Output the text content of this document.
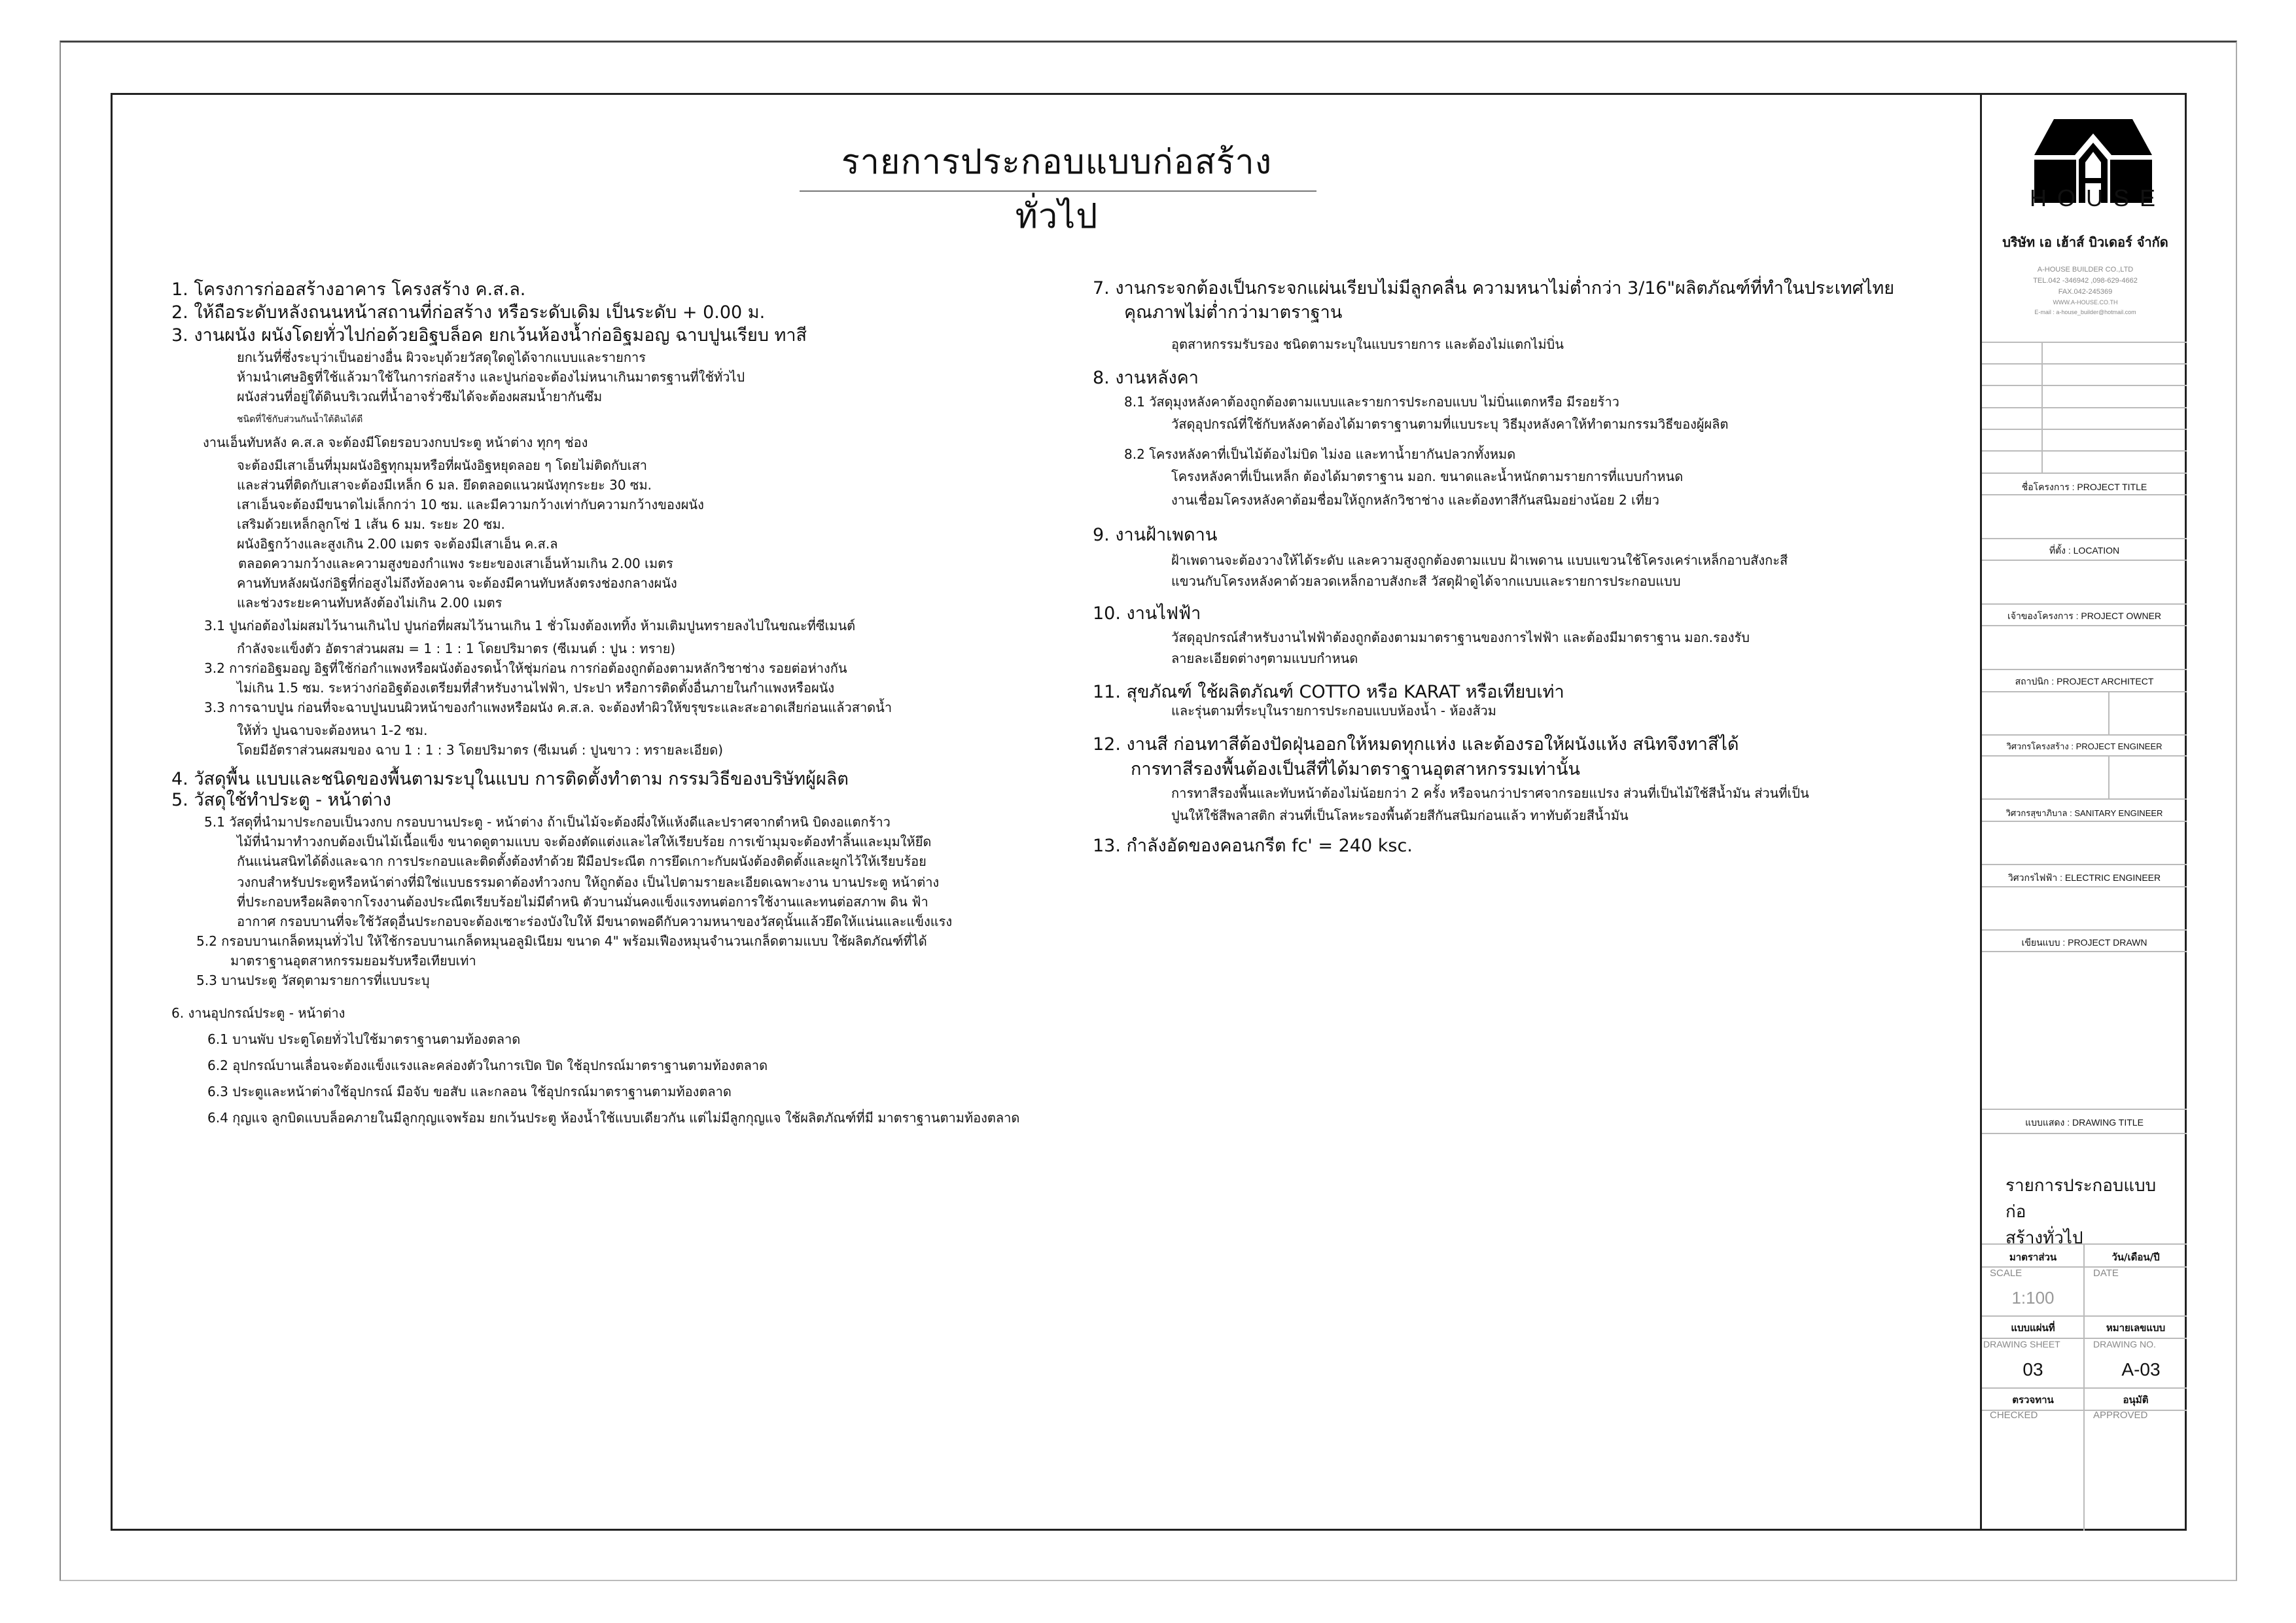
รายการประกอบแบบก่อสร้างทั่วไป
1. โครงการก่ออสร้างอาคาร โครงสร้าง ค.ส.ล.
2. ให้ถือระดับหลังถนนหน้าสถานที่ก่อสร้าง หรือระดับเดิม เป็นระดับ + 0.00 ม.
3. งานผนัง ผนังโดยทั่วไปก่อด้วยอิฐบล็อค ยกเว้นห้องน้ำก่ออิฐมอญ ฉาบปูนเรียบ ทาสี
ยกเว้นที่ซึ่งระบุว่าเป็นอย่างอื่น ผิวจะบุด้วยวัสดุใดดูได้จากแบบและรายการ
ห้ามนำเศษอิฐที่ใช้แล้วมาใช้ในการก่อสร้าง และปูนก่อจะต้องไม่หนาเกินมาตรฐานที่ใช้ทั่วไป
ผนังส่วนที่อยู่ใต้ดินบริเวณที่น้ำอาจรั่วซึมได้จะต้องผสมน้ำยากันซึม
ชนิดที่ใช้กับส่วนกันน้ำใต้ดินได้ดี
งานเอ็นทับหลัง ค.ส.ล จะต้องมีโดยรอบวงกบประตู หน้าต่าง ทุกๆ ช่อง
จะต้องมีเสาเอ็นที่มุมผนังอิฐทุกมุมหรือที่ผนังอิฐหยุดลอย ๆ โดยไม่ติดกับเสา
และส่วนที่ติดกับเสาจะต้องมีเหล็ก 6 มล. ยึดตลอดแนวผนังทุกระยะ 30 ซม.
เสาเอ็นจะต้องมีขนาดไม่เล็กกว่า 10 ซม. และมีความกว้างเท่ากับความกว้างของผนัง
เสริมด้วยเหล็กลูกโซ่ 1 เส้น 6 มม. ระยะ 20 ซม.
ผนังอิฐกว้างและสูงเกิน 2.00 เมตร จะต้องมีเสาเอ็น ค.ส.ล
ตลอดความกว้างและความสูงของกำแพง ระยะของเสาเอ็นห้ามเกิน 2.00 เมตร
คานทับหลังผนังก่อิฐที่ก่อสูงไม่ถึงท้องคาน จะต้องมีคานทับหลังตรงช่องกลางผนัง
และช่วงระยะคานทับหลังต้องไม่เกิน 2.00 เมตร
3.1 ปูนก่อต้องไม่ผสมไว้นานเกินไป ปูนก่อที่ผสมไว้นานเกิน 1 ชั่วโมงต้องเททิ้ง ห้ามเติมปูนทรายลงไปในขณะที่ซีเมนต์
กำลังจะแข็งตัว อัตราส่วนผสม = 1 : 1 : 1 โดยปริมาตร (ซีเมนต์ : ปูน : ทราย)
3.2 การก่ออิฐมอญ อิฐที่ใช้ก่อกำแพงหรือผนังต้องรดน้ำให้ชุ่มก่อน การก่อต้องถูกต้องตามหลักวิชาช่าง รอยต่อห่างกัน
ไม่เกิน 1.5 ซม. ระหว่างก่ออิฐต้องเตรียมที่สำหรับงานไฟฟ้า, ประปา หรือการติดตั้งอื่นภายในกำแพงหรือผนัง
3.3 การฉาบปูน ก่อนที่จะฉาบปูนบนผิวหน้าของกำแพงหรือผนัง ค.ส.ล. จะต้องทำผิวให้ขรุขระและสะอาดเสียก่อนแล้วสาดน้ำ
ให้ทั่ว ปูนฉาบจะต้องหนา 1-2 ซม.
โดยมีอัตราส่วนผสมของ ฉาบ 1 : 1 : 3 โดยปริมาตร (ซีเมนต์ : ปูนขาว : ทรายละเอียด)
4. วัสดุพื้น แบบและชนิดของพื้นตามระบุในแบบ การติดตั้งทำตาม กรรมวิธีของบริษัทผู้ผลิต
5. วัสดุใช้ทำประตู - หน้าต่าง
5.1 วัสดุที่นำมาประกอบเป็นวงกบ กรอบบานประตู - หน้าต่าง ถ้าเป็นไม้จะต้องผึ่งให้แห้งดีและปราศจากตำหนิ บิดงอแตกร้าว
ไม้ที่นำมาทำวงกบต้องเป็นไม้เนื้อแข็ง ขนาดดูตามแบบ จะต้องตัดแต่งและไสให้เรียบร้อย การเข้ามุมจะต้องทำลิ้นและมุมให้ยึด
กันแน่นสนิทได้ดิ่งและฉาก การประกอบและติดตั้งต้องทำด้วย ฝีมือประณีต การยึดเกาะกับผนังต้องติดตั้งและผูกไว้ให้เรียบร้อย
วงกบสำหรับประตูหรือหน้าต่างที่มิใช่แบบธรรมดาต้องทำวงกบ ให้ถูกต้อง เป็นไปตามรายละเอียดเฉพาะงาน บานประตู หน้าต่าง
ที่ประกอบหรือผลิตจากโรงงานต้องประณีตเรียบร้อยไม่มีตำหนิ ตัวบานมั่นคงแข็งแรงทนต่อการใช้งานและทนต่อสภาพ ดิน ฟ้า
อากาศ กรอบบานที่จะใช้วัสดุอื่นประกอบจะต้องเซาะร่องบังใบให้ มีขนาดพอดีกับความหนาของวัสดุนั้นแล้วยึดให้แน่นและแข็งแรง
5.2 กรอบบานเกล็ดหมุนทั่วไป ให้ใช้กรอบบานเกล็ดหมุนอลูมิเนียม ขนาด 4" พร้อมเฟืองหมุนจำนวนเกล็ดตามแบบ ใช้ผลิตภัณฑ์ที่ได้
มาตราฐานอุตสาหกรรมยอมรับหรือเทียบเท่า
5.3 บานประตู วัสดุตามรายการที่แบบระบุ
6. งานอุปกรณ์ประตู - หน้าต่าง
6.1 บานพับ ประตูโดยทั่วไปใช้มาตราฐานตามท้องตลาด
6.2 อุปกรณ์บานเลื่อนจะต้องแข็งแรงและคล่องตัวในการเปิด ปิด ใช้อุปกรณ์มาตราฐานตามท้องตลาด
6.3 ประตูและหน้าต่างใช้อุปกรณ์ มือจับ ขอสับ และกลอน ใช้อุปกรณ์มาตราฐานตามท้องตลาด
6.4 กุญแจ ลูกบิดแบบล็อคภายในมีลูกกุญแจพร้อม ยกเว้นประตู ห้องน้ำใช้แบบเดียวกัน แต่ไม่มีลูกกุญแจ ใช้ผลิตภัณฑ์ที่มี มาตราฐานตามท้องตลาด
7. งานกระจกต้องเป็นกระจกแผ่นเรียบไม่มีลูกคลื่น ความหนาไม่ต่ำกว่า 3/16"ผลิตภัณฑ์ที่ทำในประเทศไทย
คุณภาพไม่ต่ำกว่ามาตราฐาน
อุตสาหกรรมรับรอง ชนิดตามระบุในแบบรายการ และต้องไม่แตกไม่บิ่น
8. งานหลังคา
8.1 วัสดุมุงหลังคาต้องถูกต้องตามแบบและรายการประกอบแบบ ไม่บิ่นแตกหรือ มีรอยร้าว
วัสดุอุปกรณ์ที่ใช้กับหลังคาต้องได้มาตราฐานตามที่แบบระบุ วิธีมุงหลังคาให้ทำตามกรรมวิธีของผู้ผลิต
8.2 โครงหลังคาที่เป็นไม้ต้องไม่บิด ไม่งอ และทาน้ำยากันปลวกทั้งหมด
โครงหลังคาที่เป็นเหล็ก ต้องได้มาตราฐาน มอก. ขนาดและน้ำหนักตามรายการที่แบบกำหนด
งานเชื่อมโครงหลังคาต้อมชื่อมให้ถูกหลักวิชาช่าง และต้องทาสีกันสนิมอย่างน้อย 2 เที่ยว
9. งานฝ้าเพดาน
ฝ้าเพดานจะต้องวางให้ได้ระดับ และความสูงถูกต้องตามแบบ ฝ้าเพดาน แบบแขวนใช้โครงเคร่าเหล็กอาบสังกะสี
แขวนกับโครงหลังคาด้วยลวดเหล็กอาบสังกะสี วัสดุฝ้าดูได้จากแบบและรายการประกอบแบบ
10. งานไฟฟ้า
วัสดุอุปกรณ์สำหรับงานไฟฟ้าต้องถูกต้องตามมาตราฐานของการไฟฟ้า และต้องมีมาตราฐาน มอก.รองรับ
ลายละเอียดต่างๆตามแบบกำหนด
11. สุขภัณฑ์ ใช้ผลิตภัณฑ์ COTTO หรือ KARAT หรือเทียบเท่า
และรุ่นตามที่ระบุในรายการประกอบแบบห้องน้ำ - ห้องส้วม
12. งานสี ก่อนทาสีต้องปัดฝุ่นออกให้หมดทุกแห่ง และต้องรอให้ผนังแห้ง สนิทจึงทาสีได้
การทาสีรองพื้นต้องเป็นสีที่ได้มาตราฐานอุตสาหกรรมเท่านั้น
การทาสีรองพื้นและทับหน้าต้องไม่น้อยกว่า 2 ครั้ง หรือจนกว่าปราศจากรอยแปรง ส่วนที่เป็นไม้ใช้สีน้ำมัน ส่วนที่เป็น
ปูนให้ใช้สีพลาสติก ส่วนที่เป็นโลหะรองพื้นด้วยสีกันสนิมก่อนแล้ว ทาทับด้วยสีน้ำมัน
13. กำลังอัดของคอนกรีต fc' = 240 ksc.
HOUSE
บริษัท เอ เฮ้าส์ บิวเดอร์ จำกัด
A-HOUSE BUILDER CO.,LTD
TEL.042 -346942 ,098-629-4662
FAX.042-245369
WWW.A-HOUSE.CO.TH
E-mail : a-house_builder@hotmail.com
ชื่อโครงการ : PROJECT TITLE
ที่ตั้ง : LOCATION
เจ้าของโครงการ : PROJECT OWNER
สถาปนิก : PROJECT ARCHITECT
วิศวกรโครงสร้าง : PROJECT ENGINEER
วิศวกรสุขาภิบาล : SANITARY ENGINEER
วิศวกรไฟฟ้า : ELECTRIC ENGINEER
เขียนแบบ : PROJECT DRAWN
แบบแสดง : DRAWING TITLE
รายการประกอบแบบก่อ
สร้างทั่วไป
มาตราส่วน	วัน/เดือน/ปี
SCALE	DATE
1:100
แบบแผ่นที่	หมายเลขแบบ
DRAWING SHEET	DRAWING NO.
03	A-03
ตรวจทาน	อนุมัติ
CHECKED	APPROVED
